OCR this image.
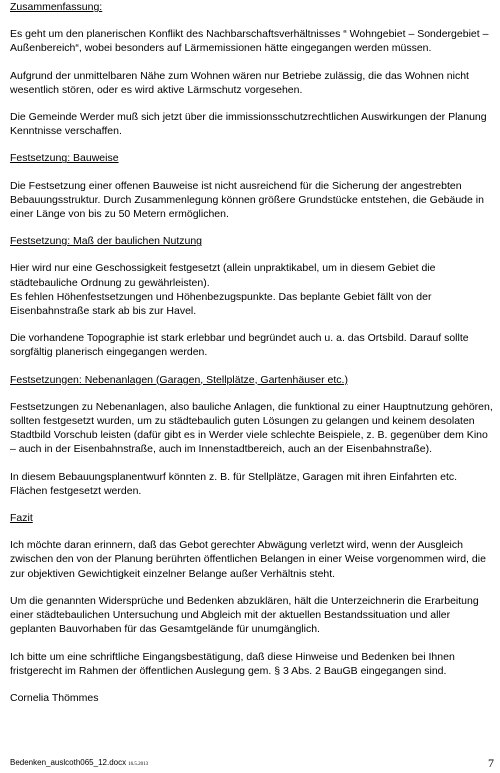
Zusammenfassung:

Es geht um den planerischen Konflikt des Nachbarschaftsverhältnisses “ Wohngebiet – Sondergebiet – Außenbereich“, wobei besonders auf Lärmemissionen hätte eingegangen werden müssen.

Aufgrund der unmittelbaren Nähe zum Wohnen wären nur Betriebe zulässig, die das Wohnen nicht wesentlich stören, oder es wird aktive Lärmschutz vorgesehen.

Die Gemeinde Werder muß sich jetzt über die immissionsschutzrechtlichen Auswirkungen der Planung Kenntnisse verschaffen.

Festsetzung: Bauweise

Die Festsetzung einer offenen Bauweise ist nicht ausreichend für die Sicherung der angestrebten Bebauungsstruktur. Durch Zusammenlegung können größere Grundstücke entstehen, die Gebäude in einer Länge von bis zu 50 Metern ermöglichen.

Festsetzung: Maß der baulichen Nutzung

Hier wird nur eine Geschossigkeit festgesetzt (allein unpraktikabel, um in diesem Gebiet die

städtebauliche Ordnung zu gewährleisten).

Es fehlen Höhenfestsetzungen und Höhenbezugspunkte. Das beplante Gebiet fällt von der

Eisenbahnstraße stark ab bis zur Havel.

Die vorhandene Topographie ist stark erlebbar und begründet auch u. a. das Ortsbild. Darauf sollte sorgfältig planerisch eingegangen werden.

Festsetzungen: Nebenanlagen (Garagen, Stellplätze, Gartenhäuser etc.)

Festsetzungen zu Nebenanlagen, also bauliche Anlagen, die funktional zu einer Hauptnutzung gehören, sollten festgesetzt wurden, um zu städtebaulich guten Lösungen zu gelangen und keinem desolaten Stadtbild Vorschub leisten (dafür gibt es in Werder viele schlechte Beispiele, z. B. gegenüber dem Kino – auch in der Eisenbahnstraße, auch im Innenstadtbereich, auch an der Eisenbahnstraße).

In diesem Bebauungsplanentwurf könnten z. B. für Stellplätze, Garagen mit ihren Einfahrten etc. Flächen festgesetzt werden.

Fazit

Ich möchte daran erinnern, daß das Gebot gerechter Abwägung verletzt wird, wenn der Ausgleich zwischen den von der Planung berührten öffentlichen Belangen in einer Weise vorgenommen wird, die zur objektiven Gewichtigkeit einzelner Belange außer Verhältnis steht.

Um die genannten Widersprüche und Bedenken abzuklären, hält die Unterzeichnerin die Erarbeitung einer städtebaulichen Untersuchung und Abgleich mit der aktuellen Bestandssituation und aller geplanten Bauvorhaben für das Gesamtgelände für unumgänglich.

Ich bitte um eine schriftliche Eingangsbestätigung, daß diese Hinweise und Bedenken bei Ihnen fristgerecht im Rahmen der öffentlichen Auslegung gem. § 3 Abs. 2 BauGB eingegangen sind.

Cornelia Thömmes

Bedenken_auslcoth065_12.docx 16.5.2013	7
